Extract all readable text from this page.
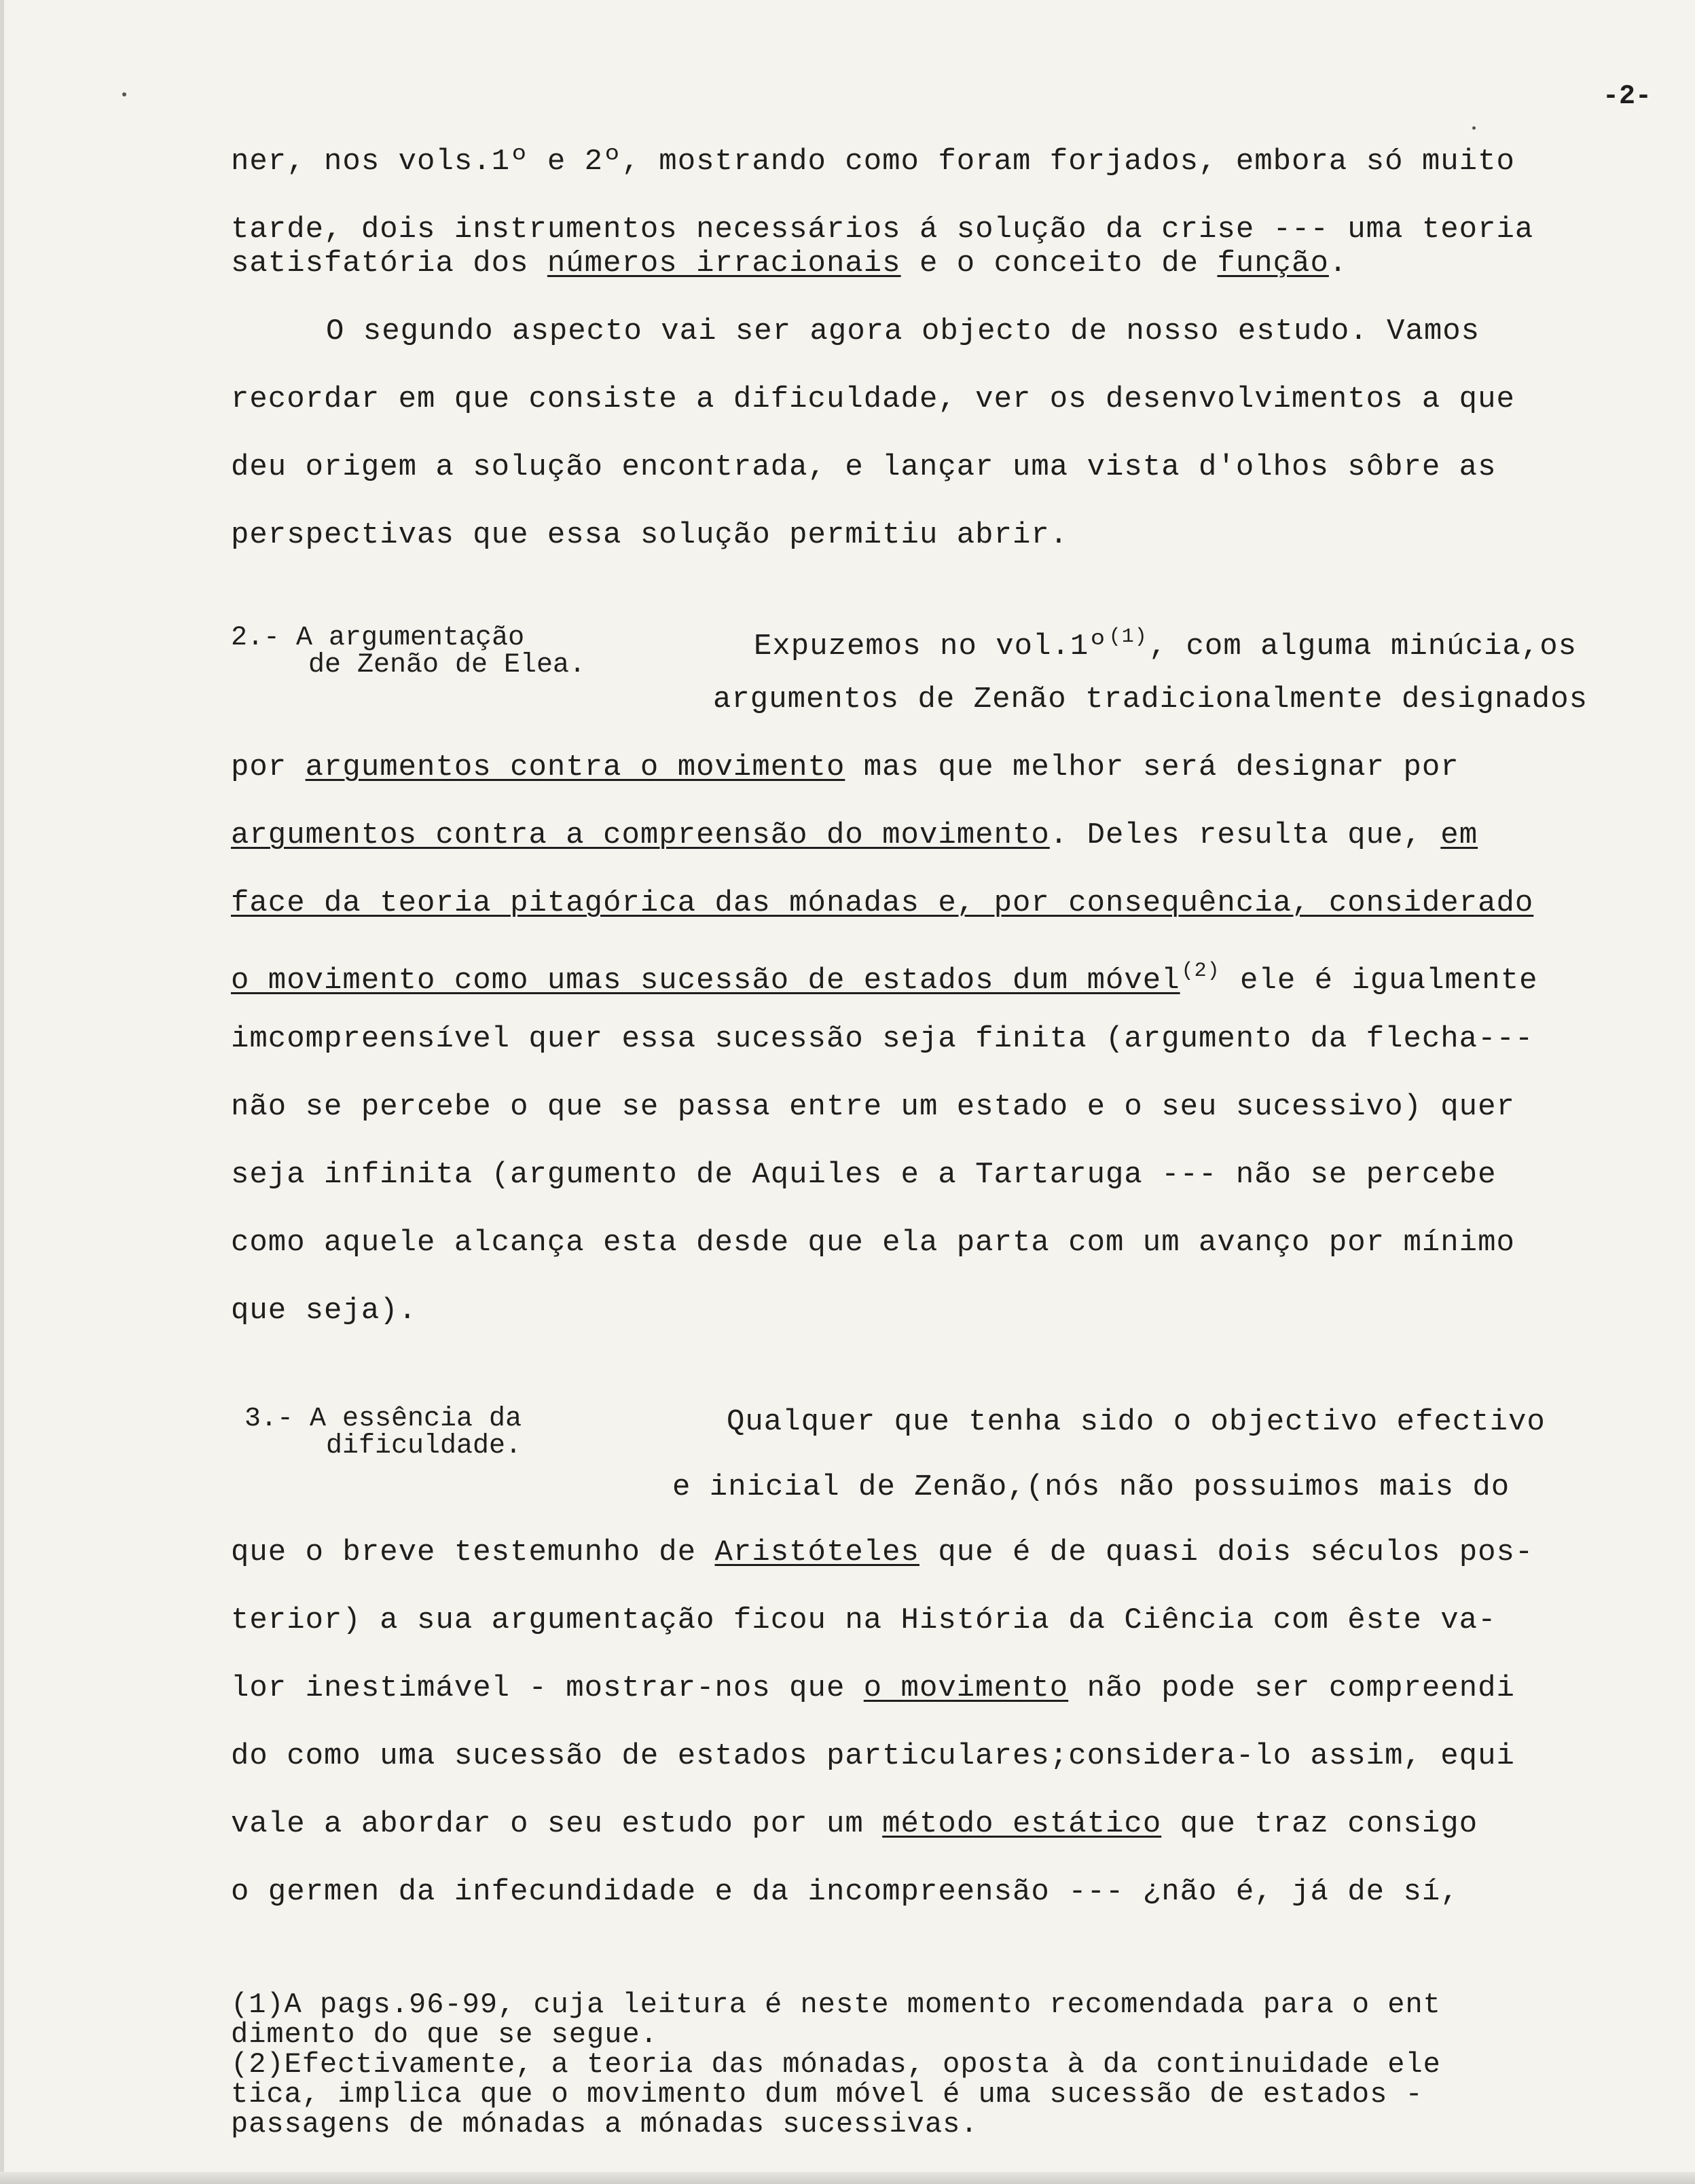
-2-
ner, nos vols.1º e 2º, mostrando como foram forjados, embora só muito
tarde, dois instrumentos necessários á solução da crise --- uma teoria
satisfatória dos números irracionais e o conceito de função.
O segundo aspecto vai ser agora objecto de nosso estudo. Vamos
recordar em que consiste a dificuldade, ver os desenvolvimentos a que
deu origem a solução encontrada, e lançar uma vista d'olhos sôbre as
perspectivas que essa solução permitiu abrir.
2.- A argumentação
de Zenão de Elea.
Expuzemos no vol.1º$^{(1)}$, com alguma minúcia,os
argumentos de Zenão tradicionalmente designados
por argumentos contra o movimento mas que melhor será designar por
argumentos contra a compreensão do movimento. Deles resulta que, em
face da teoria pitagórica das mónadas e, por consequência, considerado
o movimento como umas sucessão de estados dum móvel$^{(2)}$ ele é igualmente
imcompreensível quer essa sucessão seja finita (argumento da flecha---
não se percebe o que se passa entre um estado e o seu sucessivo) quer
seja infinita (argumento de Aquiles e a Tartaruga --- não se percebe
como aquele alcança esta desde que ela parta com um avanço por mínimo
que seja).
3.- A essência da
dificuldade.
Qualquer que tenha sido o objectivo efectivo
e inicial de Zenão,(nós não possuimos mais do
que o breve testemunho de Aristóteles que é de quasi dois séculos pos-
terior) a sua argumentação ficou na História da Ciência com êste va-
lor inestimável - mostrar-nos que o movimento não pode ser compreendi
do como uma sucessão de estados particulares;considera-lo assim, equi
vale a abordar o seu estudo por um método estático que traz consigo
o germen da infecundidade e da incompreensão --- ¿não é, já de sí,
(1)A pags.96-99, cuja leitura é neste momento recomendada para o ent
dimento do que se segue.
(2)Efectivamente, a teoria das mónadas, oposta à da continuidade ele
tica, implica que o movimento dum móvel é uma sucessão de estados -
passagens de mónadas a mónadas sucessivas.
